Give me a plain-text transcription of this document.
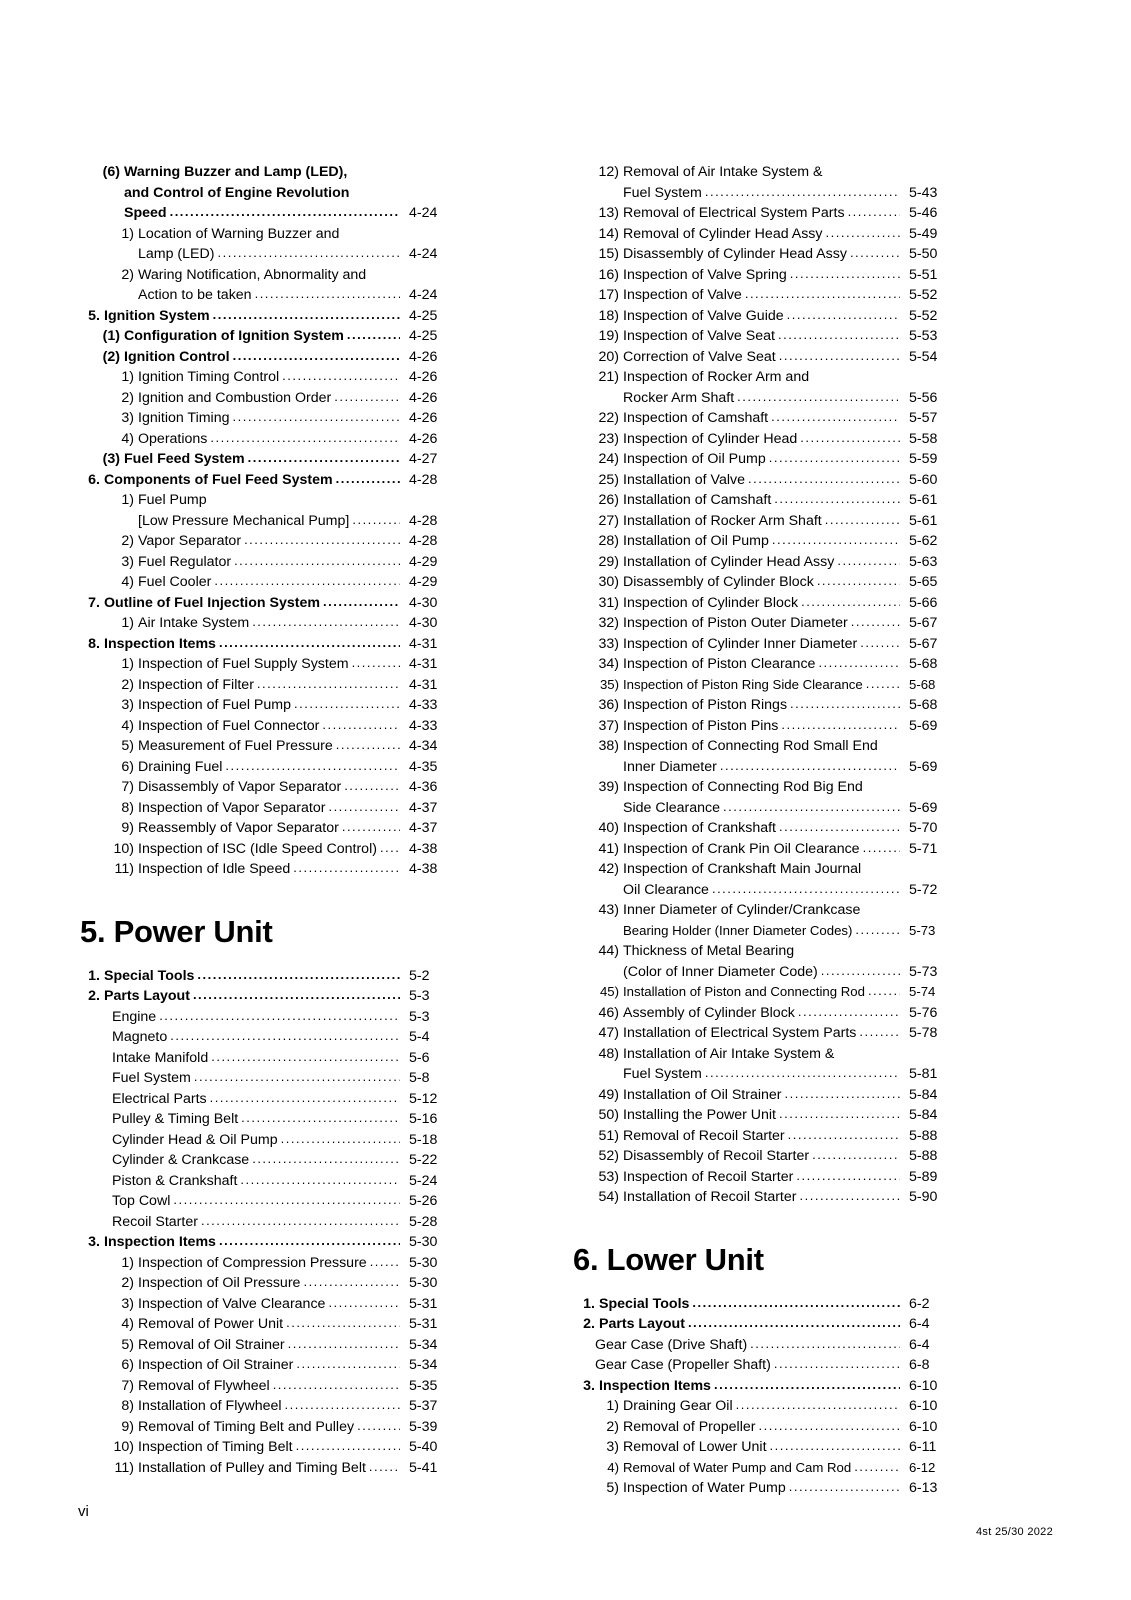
(6) Warning Buzzer and Lamp (LED),
and Control of Engine Revolution
Speed .....	4-24
1) Location of Warning Buzzer and
Lamp (LED) .....	4-24
2) Waring Notification, Abnormality and
Action to be taken .....	4-24
5. Ignition System .....	4-25
(1) Configuration of Ignition System .....	4-25
(2) Ignition Control .....	4-26
1) Ignition Timing Control .....	4-26
2) Ignition and Combustion Order .....	4-26
3) Ignition Timing .....	4-26
4) Operations .....	4-26
(3) Fuel Feed System .....	4-27
6. Components of Fuel Feed System .....	4-28
1) Fuel Pump
[Low Pressure Mechanical Pump] .....	4-28
2) Vapor Separator .....	4-28
3) Fuel Regulator .....	4-29
4) Fuel Cooler .....	4-29
7. Outline of Fuel Injection System .....	4-30
1) Air Intake System .....	4-30
8. Inspection Items .....	4-31
1) Inspection of Fuel Supply System .....	4-31
2) Inspection of Filter .....	4-31
3) Inspection of Fuel Pump .....	4-33
4) Inspection of Fuel Connector .....	4-33
5) Measurement of Fuel Pressure .....	4-34
6) Draining Fuel .....	4-35
7) Disassembly of Vapor Separator .....	4-36
8) Inspection of Vapor Separator .....	4-37
9) Reassembly of Vapor Separator .....	4-37
10) Inspection of ISC (Idle Speed Control) .....	4-38
11) Inspection of Idle Speed .....	4-38
5. Power Unit
1. Special Tools .....	5-2
2. Parts Layout .....	5-3
Engine .....	5-3
Magneto .....	5-4
Intake Manifold .....	5-6
Fuel System .....	5-8
Electrical Parts .....	5-12
Pulley & Timing Belt .....	5-16
Cylinder Head & Oil Pump .....	5-18
Cylinder & Crankcase .....	5-22
Piston & Crankshaft .....	5-24
Top Cowl .....	5-26
Recoil Starter .....	5-28
3. Inspection Items .....	5-30
1) Inspection of Compression Pressure .....	5-30
2) Inspection of Oil Pressure .....	5-30
3) Inspection of Valve Clearance .....	5-31
4) Removal of Power Unit .....	5-31
5) Removal of Oil Strainer .....	5-34
6) Inspection of Oil Strainer .....	5-34
7) Removal of Flywheel .....	5-35
8) Installation of Flywheel .....	5-37
9) Removal of Timing Belt and Pulley .....	5-39
10) Inspection of Timing Belt .....	5-40
11) Installation of Pulley and Timing Belt .....	5-41
12) Removal of Air Intake System &
Fuel System .....	5-43
13) Removal of Electrical System Parts .....	5-46
14) Removal of Cylinder Head Assy .....	5-49
15) Disassembly of Cylinder Head Assy .....	5-50
16) Inspection of Valve Spring .....	5-51
17) Inspection of Valve .....	5-52
18) Inspection of Valve Guide .....	5-52
19) Inspection of Valve Seat .....	5-53
20) Correction of Valve Seat .....	5-54
21) Inspection of Rocker Arm and
Rocker Arm Shaft .....	5-56
22) Inspection of Camshaft .....	5-57
23) Inspection of Cylinder Head .....	5-58
24) Inspection of Oil Pump .....	5-59
25) Installation of Valve .....	5-60
26) Installation of Camshaft .....	5-61
27) Installation of Rocker Arm Shaft .....	5-61
28) Installation of Oil Pump .....	5-62
29) Installation of Cylinder Head Assy .....	5-63
30) Disassembly of Cylinder Block .....	5-65
31) Inspection of Cylinder Block .....	5-66
32) Inspection of Piston Outer Diameter .....	5-67
33) Inspection of Cylinder Inner Diameter .....	5-67
34) Inspection of Piston Clearance .....	5-68
35) Inspection of Piston Ring Side Clearance .....	5-68
36) Inspection of Piston Rings .....	5-68
37) Inspection of Piston Pins .....	5-69
38) Inspection of Connecting Rod Small End
Inner Diameter .....	5-69
39) Inspection of Connecting Rod Big End
Side Clearance .....	5-69
40) Inspection of Crankshaft .....	5-70
41) Inspection of Crank Pin Oil Clearance .....	5-71
42) Inspection of Crankshaft Main Journal
Oil Clearance .....	5-72
43) Inner Diameter of Cylinder/Crankcase
Bearing Holder (Inner Diameter Codes) .....	5-73
44) Thickness of Metal Bearing
(Color of Inner Diameter Code) .....	5-73
45) Installation of Piston and Connecting Rod .....	5-74
46) Assembly of Cylinder Block .....	5-76
47) Installation of Electrical System Parts .....	5-78
48) Installation of Air Intake System &
Fuel System .....	5-81
49) Installation of Oil Strainer .....	5-84
50) Installing the Power Unit .....	5-84
51) Removal of Recoil Starter .....	5-88
52) Disassembly of Recoil Starter .....	5-88
53) Inspection of Recoil Starter .....	5-89
54) Installation of Recoil Starter .....	5-90
6. Lower Unit
1. Special Tools .....	6-2
2. Parts Layout .....	6-4
Gear Case (Drive Shaft) .....	6-4
Gear Case (Propeller Shaft) .....	6-8
3. Inspection Items .....	6-10
1) Draining Gear Oil .....	6-10
2) Removal of Propeller .....	6-10
3) Removal of Lower Unit .....	6-11
4) Removal of Water Pump and Cam Rod .....	6-12
5) Inspection of Water Pump .....	6-13
vi
4st 25/30 2022
